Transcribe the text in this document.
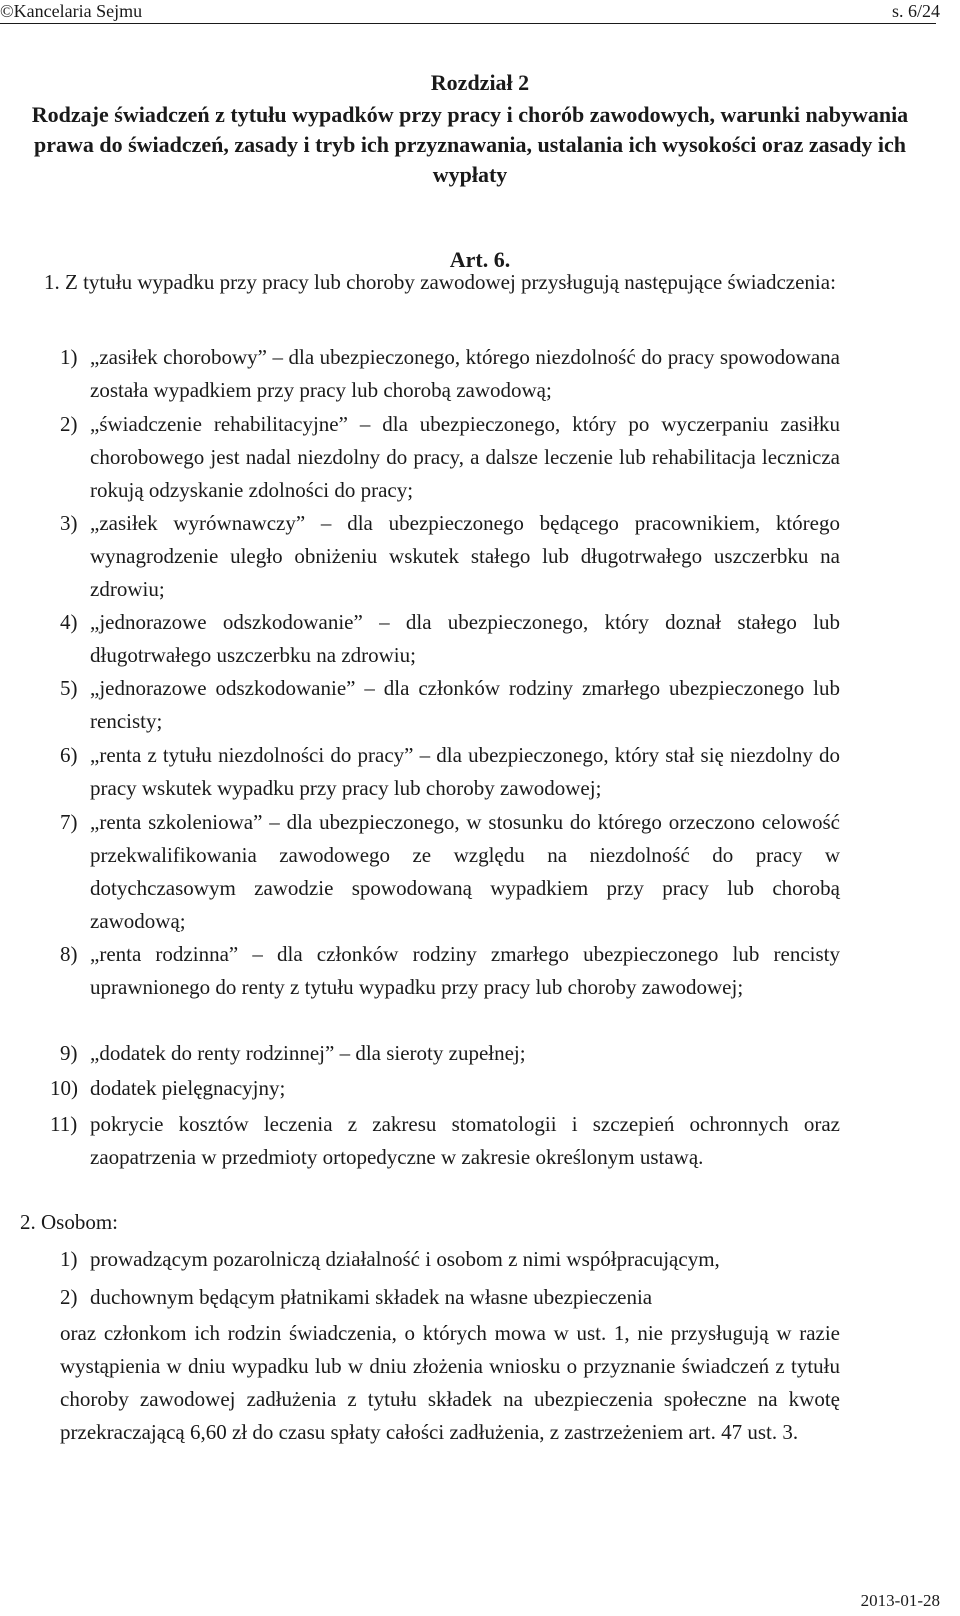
©Kancelaria Sejmu	s. 6/24
Rozdział 2
Rodzaje świadczeń z tytułu wypadków przy pracy i chorób zawodowych, warunki nabywania prawa do świadczeń, zasady i tryb ich przyznawania, ustalania ich wysokości oraz zasady ich wypłaty
Art. 6.

1. Z tytułu wypadku przy pracy lub choroby zawodowej przysługują następujące świadczenia:

1) „zasiłek chorobowy” – dla ubezpieczonego, którego niezdolność do pracy spowodowana została wypadkiem przy pracy lub chorobą zawodową;

2) „świadczenie rehabilitacyjne” – dla ubezpieczonego, który po wyczerpaniu zasiłku chorobowego jest nadal niezdolny do pracy, a dalsze leczenie lub rehabilitacja lecznicza rokują odzyskanie zdolności do pracy;

3) „zasiłek wyrównawczy” – dla ubezpieczonego będącego pracownikiem, którego wynagrodzenie uległo obniżeniu wskutek stałego lub długotrwałego uszczerbku na zdrowiu;

4) „jednorazowe odszkodowanie” – dla ubezpieczonego, który doznał stałego lub długotrwałego uszczerbku na zdrowiu;

5) „jednorazowe odszkodowanie” – dla członków rodziny zmarłego ubezpieczonego lub rencisty;

6) „renta z tytułu niezdolności do pracy” – dla ubezpieczonego, który stał się niezdolny do pracy wskutek wypadku przy pracy lub choroby zawodowej;

7) „renta szkoleniowa” – dla ubezpieczonego, w stosunku do którego orzeczono celowość przekwalifikowania zawodowego ze względu na niezdolność do pracy w dotychczasowym zawodzie spowodowaną wypadkiem przy pracy lub chorobą zawodową;

8) „renta rodzinna” – dla członków rodziny zmarłego ubezpieczonego lub rencisty uprawnionego do renty z tytułu wypadku przy pracy lub choroby zawodowej;

9) „dodatek do renty rodzinnej” – dla sieroty zupełnej;

10) dodatek pielęgnacyjny;

11) pokrycie kosztów leczenia z zakresu stomatologii i szczepień ochronnych oraz zaopatrzenia w przedmioty ortopedyczne w zakresie określonym ustawą.

2. Osobom:

1) prowadzącym pozarolniczą działalność i osobom z nimi współpracującym,

2) duchownym będącym płatnikami składek na własne ubezpieczenia

oraz członkom ich rodzin świadczenia, o których mowa w ust. 1, nie przysługują w razie wystąpienia w dniu wypadku lub w dniu złożenia wniosku o przyznanie świadczeń z tytułu choroby zawodowej zadłużenia z tytułu składek na ubezpieczenia społeczne na kwotę przekraczającą 6,60 zł do czasu spłaty całości zadłużenia, z zastrzeżeniem art. 47 ust. 3.

2013-01-28
